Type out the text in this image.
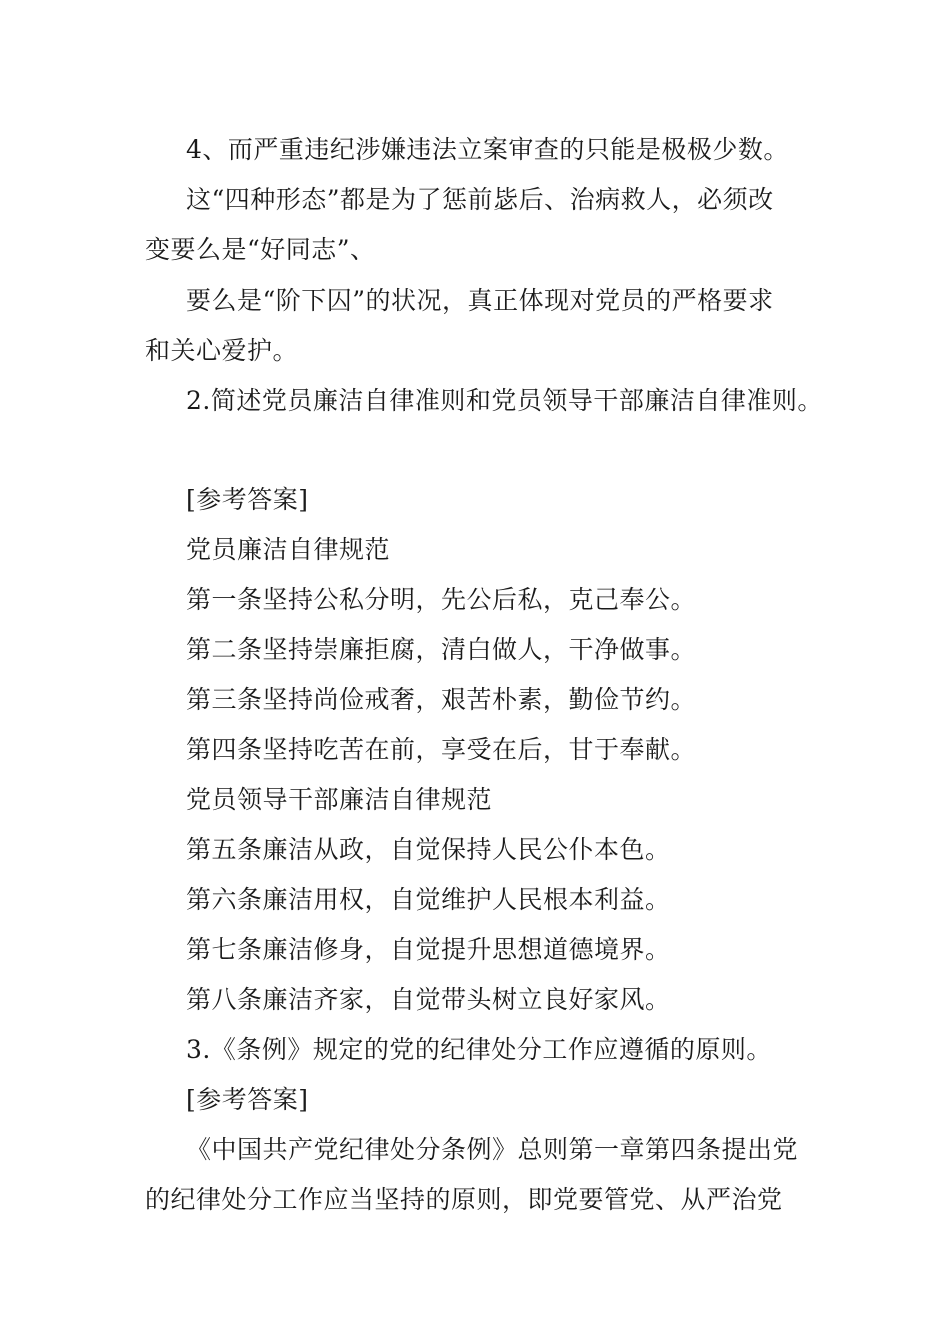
4、而严重违纪涉嫌违法立案审查的只能是极极少数。
这“四种形态”都是为了惩前毖后、治病救人，必须改
变要么是“好同志”、
要么是“阶下囚”的状况，真正体现对党员的严格要求
和关心爱护。
2.简述党员廉洁自律准则和党员领导干部廉洁自律准则。
[参考答案]
党员廉洁自律规范
第一条坚持公私分明，先公后私，克己奉公。
第二条坚持崇廉拒腐，清白做人，干净做事。
第三条坚持尚俭戒奢，艰苦朴素，勤俭节约。
第四条坚持吃苦在前，享受在后，甘于奉献。
党员领导干部廉洁自律规范
第五条廉洁从政，自觉保持人民公仆本色。
第六条廉洁用权，自觉维护人民根本利益。
第七条廉洁修身，自觉提升思想道德境界。
第八条廉洁齐家，自觉带头树立良好家风。
3.《条例》规定的党的纪律处分工作应遵循的原则。
[参考答案]
《中国共产党纪律处分条例》总则第一章第四条提出党
的纪律处分工作应当坚持的原则，即党要管党、从严治党
